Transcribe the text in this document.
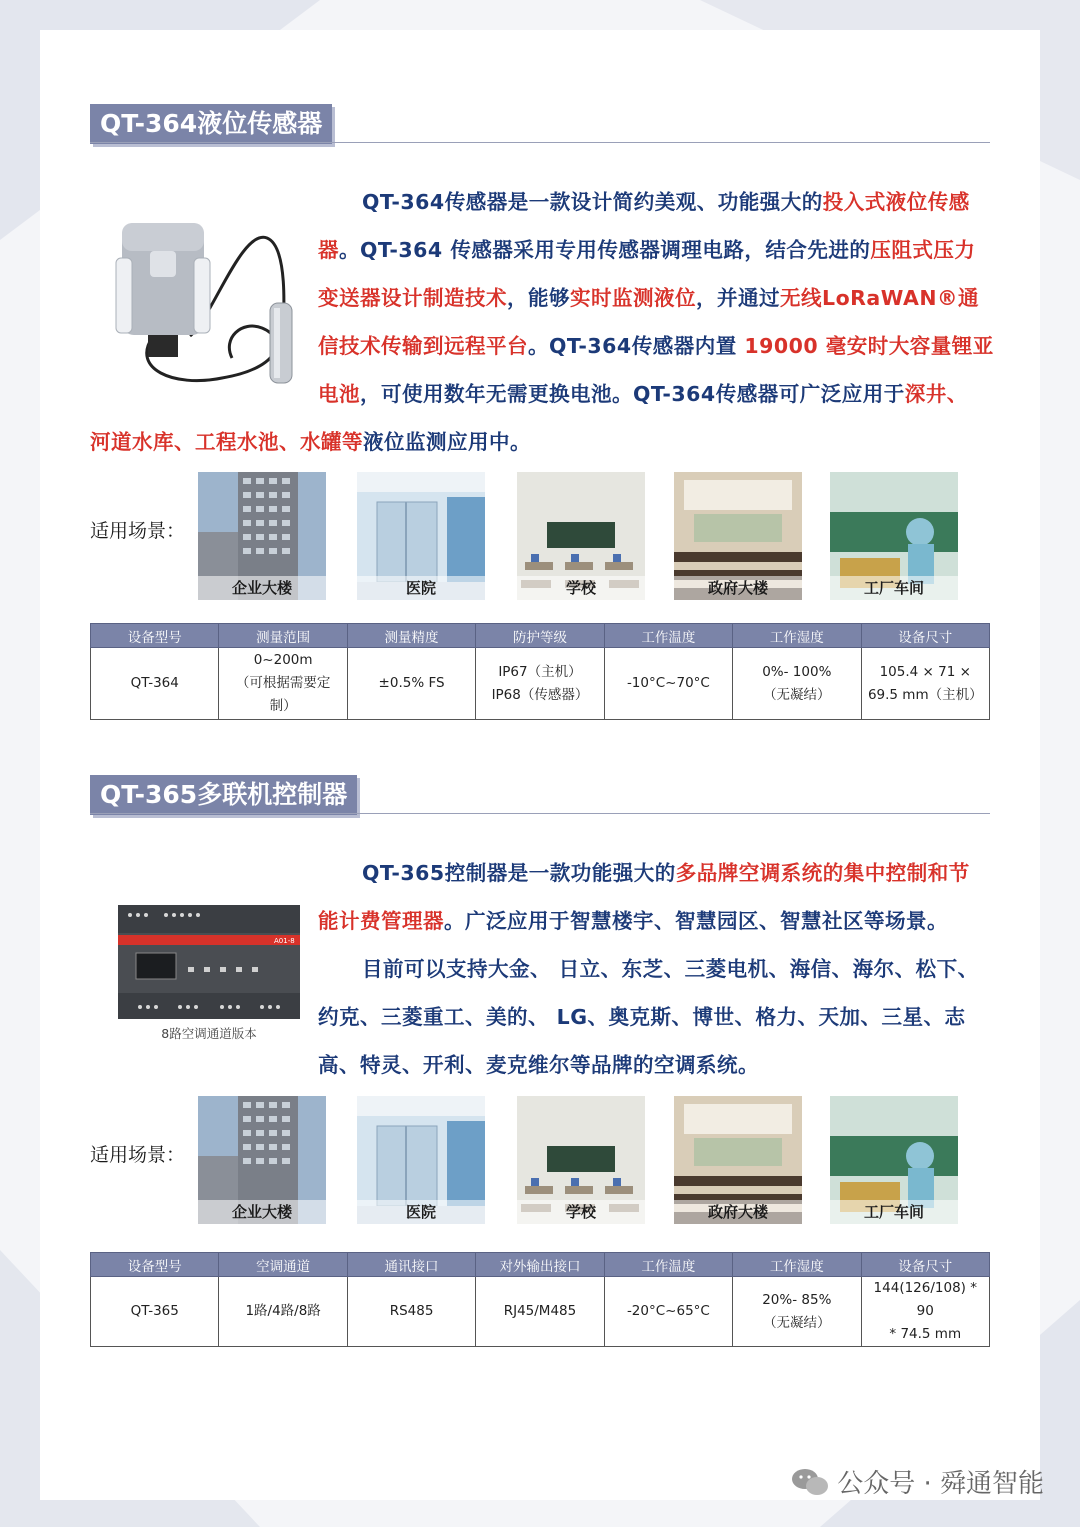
QT-364液位传感器
QT-364传感器是一款设计简约美观、功能强大的投入式液位传感
器。QT-364 传感器采用专用传感器调理电路，结合先进的压阻式压力
变送器设计制造技术，能够实时监测液位，并通过无线LoRaWAN®通
信技术传输到远程平台。QT-364传感器内置 19000 毫安时大容量锂亚
电池，可使用数年无需更换电池。QT-364传感器可广泛应用于深井、
河道水库、工程水池、水罐等液位监测应用中。
适用场景：
企业大楼	医院	学校	政府大楼	工厂车间
设备型号	测量范围	测量精度	防护等级	工作温度	工作湿度	设备尺寸

QT-364	0~200m
（可根据需要定
制）	±0.5% FS	IP67（主机）
IP68（传感器）	-10°C~70°C	0%- 100%
（无凝结）	105.4 × 71 ×
69.5 mm（主机）
QT-365多联机控制器
A01-8
8路空调通道版本
QT-365控制器是一款功能强大的多品牌空调系统的集中控制和节
能计费管理器。广泛应用于智慧楼宇、智慧园区、智慧社区等场景。
目前可以支持大金、 日立、东芝、三菱电机、海信、海尔、松下、
约克、三菱重工、美的、 LG、奥克斯、博世、格力、天加、三星、志
高、特灵、开利、麦克维尔等品牌的空调系统。
适用场景：
企业大楼	医院	学校	政府大楼	工厂车间
设备型号	空调通道	通讯接口	对外输出接口	工作温度	工作湿度	设备尺寸

QT-365	1路/4路/8路	RS485	RJ45/M485	-20°C~65°C	20%- 85%
（无凝结）	144(126/108) * 90
* 74.5 mm
公众号 · 舜通智能
